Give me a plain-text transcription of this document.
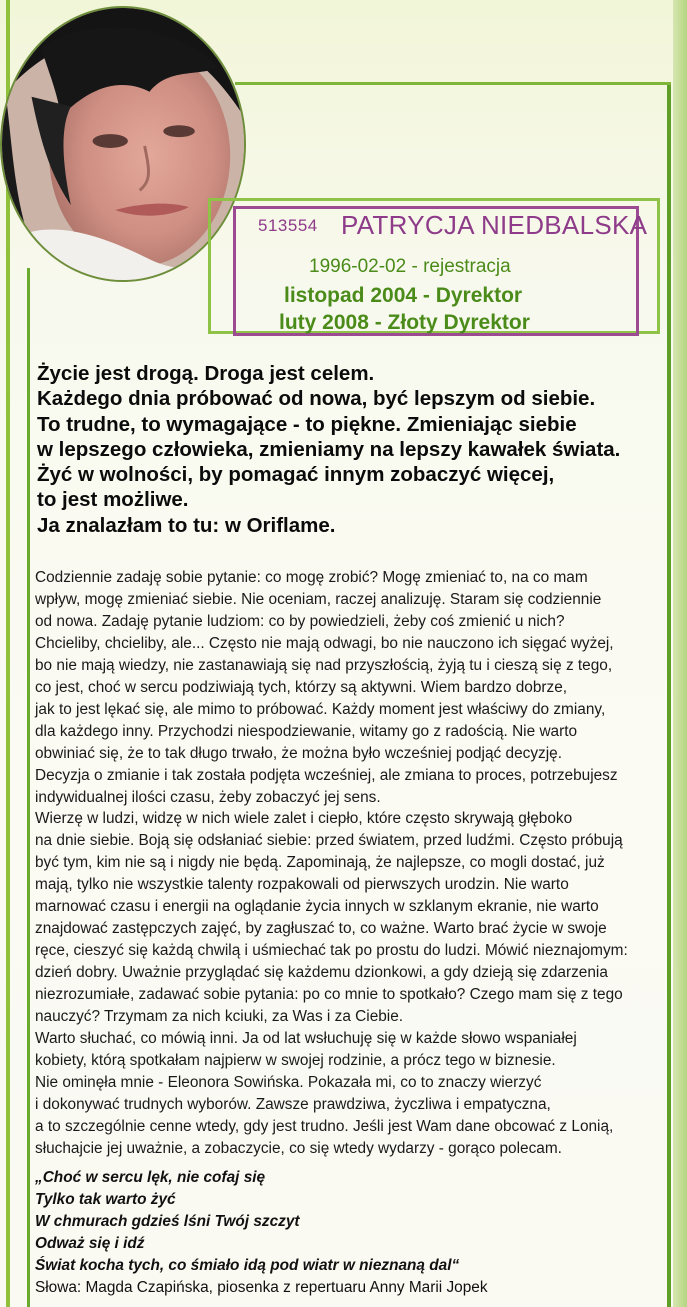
513554 PATRYCJA NIEDBALSKA
1996-02-02 - rejestracja
listopad 2004 - Dyrektor
luty 2008 - Złoty Dyrektor
Życie jest drogą. Droga jest celem.
Każdego dnia próbować od nowa, być lepszym od siebie.
To trudne, to wymagające - to piękne. Zmieniając siebie
w lepszego człowieka, zmieniamy na lepszy kawałek świata.
Żyć w wolności, by pomagać innym zobaczyć więcej,
to jest możliwe.
Ja znalazłam to tu: w Oriflame.
Codziennie zadaję sobie pytanie: co mogę zrobić? Mogę zmieniać to, na co mam
wpływ, mogę zmieniać siebie. Nie oceniam, raczej analizuję. Staram się codziennie
od nowa. Zadaję pytanie ludziom: co by powiedzieli, żeby coś zmienić u nich?
Chcieliby, chcieliby, ale... Często nie mają odwagi, bo nie nauczono ich sięgać wyżej,
bo nie mają wiedzy, nie zastanawiają się nad przyszłością, żyją tu i cieszą się z tego,
co jest, choć w sercu podziwiają tych, którzy są aktywni. Wiem bardzo dobrze,
jak to jest lękać się, ale mimo to próbować. Każdy moment jest właściwy do zmiany,
dla każdego inny. Przychodzi niespodziewanie, witamy go z radością. Nie warto
obwiniać się, że to tak długo trwało, że można było wcześniej podjąć decyzję.
Decyzja o zmianie i tak została podjęta wcześniej, ale zmiana to proces, potrzebujesz
indywidualnej ilości czasu, żeby zobaczyć jej sens.
Wierzę w ludzi, widzę w nich wiele zalet i ciepło, które często skrywają głęboko
na dnie siebie. Boją się odsłaniać siebie: przed światem, przed ludźmi. Często próbują
być tym, kim nie są i nigdy nie będą. Zapominają, że najlepsze, co mogli dostać, już
mają, tylko nie wszystkie talenty rozpakowali od pierwszych urodzin. Nie warto
marnować czasu i energii na oglądanie życia innych w szklanym ekranie, nie warto
znajdować zastępczych zajęć, by zagłuszać to, co ważne. Warto brać życie w swoje
ręce, cieszyć się każdą chwilą i uśmiechać tak po prostu do ludzi. Mówić nieznajomym:
dzień dobry. Uważnie przyglądać się każdemu dzionkowi, a gdy dzieją się zdarzenia
niezrozumiałe, zadawać sobie pytania: po co mnie to spotkało? Czego mam się z tego
nauczyć? Trzymam za nich kciuki, za Was i za Ciebie.
Warto słuchać, co mówią inni. Ja od lat wsłuchuję się w każde słowo wspaniałej
kobiety, którą spotkałam najpierw w swojej rodzinie, a prócz tego w biznesie.
Nie ominęła mnie - Eleonora Sowińska. Pokazała mi, co to znaczy wierzyć
i dokonywać trudnych wyborów. Zawsze prawdziwa, życzliwa i empatyczna,
a to szczególnie cenne wtedy, gdy jest trudno. Jeśli jest Wam dane obcować z Lonią,
słuchajcie jej uważnie, a zobaczycie, co się wtedy wydarzy - gorąco polecam.
„Choć w sercu lęk, nie cofaj się
Tylko tak warto żyć
W chmurach gdzieś lśni Twój szczyt
Odważ się i idź
Świat kocha tych, co śmiało idą pod wiatr w nieznaną dal“
Słowa: Magda Czapińska, piosenka z repertuaru Anny Marii Jopek
